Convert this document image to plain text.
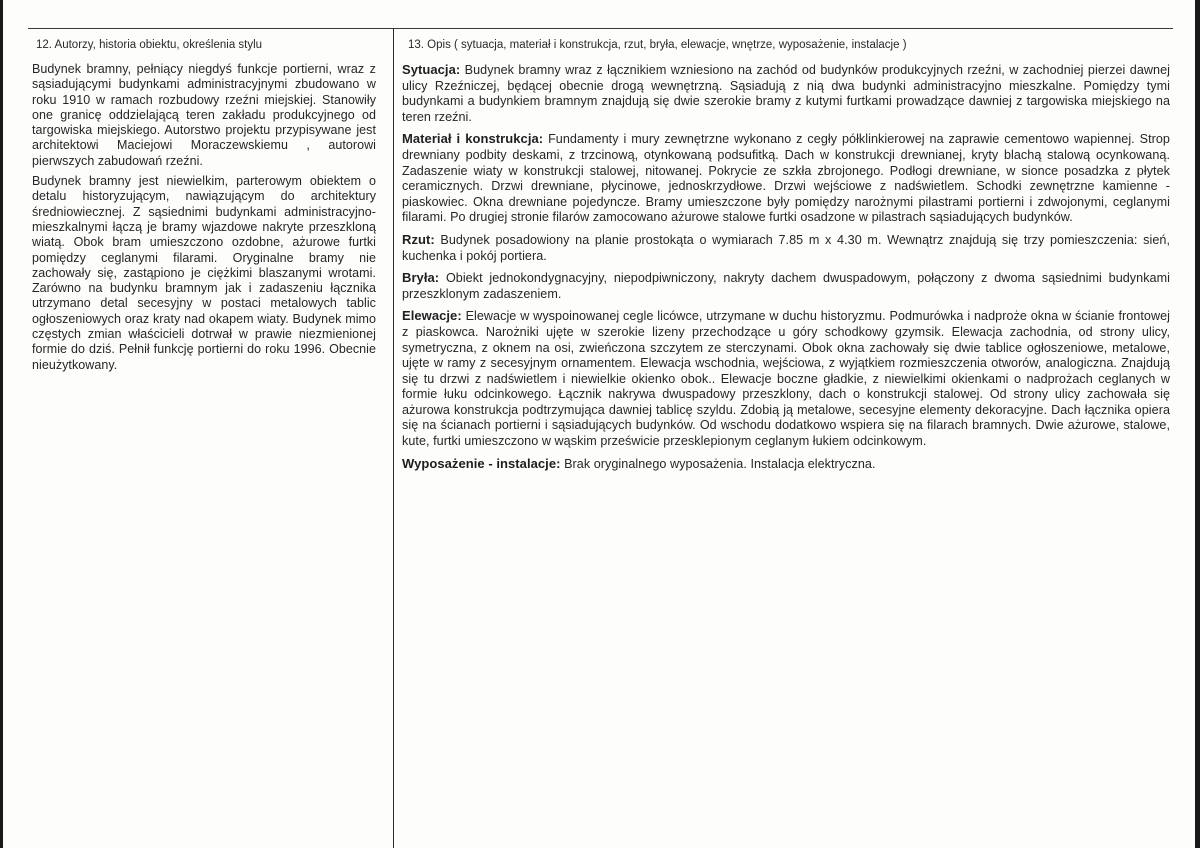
12. Autorzy, historia obiektu, określenia stylu

Budynek bramny, pełniący niegdyś funkcje portierni, wraz z sąsiadującymi budynkami administracyjnymi zbudowano w roku 1910 w ramach rozbudowy rzeźni miejskiej. Stanowiły one granicę oddzielającą teren zakładu produkcyjnego od targowiska miejskiego. Autorstwo projektu przypisywane jest architektowi Maciejowi Moraczewskiemu , autorowi pierwszych zabudowań rzeźni.

Budynek bramny jest niewielkim, parterowym obiektem o detalu historyzującym, nawiązującym do architektury średniowiecznej. Z sąsiednimi budynkami administracyjno- mieszkalnymi łączą je bramy wjazdowe nakryte przeszkloną wiatą. Obok bram umieszczono ozdobne, ażurowe furtki pomiędzy ceglanymi filarami. Oryginalne bramy nie zachowały się, zastąpiono je ciężkimi blaszanymi wrotami. Zarówno na budynku bramnym jak i zadaszeniu łącznika utrzymano detal secesyjny w postaci metalowych tablic ogłoszeniowych oraz kraty nad okapem wiaty. Budynek mimo częstych zmian właścicieli dotrwał w prawie niezmienionej formie do dziś. Pełnił funkcję portierni do roku 1996. Obecnie nieużytkowany.

13. Opis ( sytuacja, materiał i konstrukcja, rzut, bryła, elewacje, wnętrze, wyposażenie, instalacje )

Sytuacja: Budynek bramny wraz z łącznikiem wzniesiono na zachód od budynków produkcyjnych rzeźni, w zachodniej pierzei dawnej ulicy Rzeźniczej, będącej obecnie drogą wewnętrzną. Sąsiadują z nią dwa budynki administracyjno mieszkalne. Pomiędzy tymi budynkami a budynkiem bramnym znajdują się dwie szerokie bramy z kutymi furtkami prowadzące dawniej z targowiska miejskiego na teren rzeźni.

Materiał i konstrukcja: Fundamenty i mury zewnętrzne wykonano z cegły półklinkierowej na zaprawie cementowo wapiennej. Strop drewniany podbity deskami, z trzcinową, otynkowaną podsufitką. Dach w konstrukcji drewnianej, kryty blachą stalową ocynkowaną. Zadaszenie wiaty w konstrukcji stalowej, nitowanej. Pokrycie ze szkła zbrojonego. Podłogi drewniane, w sionce posadzka z płytek ceramicznych. Drzwi drewniane, płycinowe, jednoskrzydłowe. Drzwi wejściowe z nadświetlem. Schodki zewnętrzne kamienne - piaskowiec. Okna drewniane pojedyncze. Bramy umieszczone były pomiędzy narożnymi pilastrami portierni i zdwojonymi, ceglanymi filarami. Po drugiej stronie filarów zamocowano ażurowe stalowe furtki osadzone w pilastrach sąsiadujących budynków.

Rzut: Budynek posadowiony na planie prostokąta o wymiarach 7.85 m x 4.30 m. Wewnątrz znajdują się trzy pomieszczenia: sień, kuchenka i pokój portiera.

Bryła: Obiekt jednokondygnacyjny, niepodpiwniczony, nakryty dachem dwuspadowym, połączony z dwoma sąsiednimi budynkami przeszklonym zadaszeniem.

Elewacje: Elewacje w wyspoinowanej cegle licówce, utrzymane w duchu historyzmu. Podmurówka i nadproże okna w ścianie frontowej z piaskowca. Narożniki ujęte w szerokie lizeny przechodzące u góry schodkowy gzymsik. Elewacja zachodnia, od strony ulicy, symetryczna, z oknem na osi, zwieńczona szczytem ze sterczynami. Obok okna zachowały się dwie tablice ogłoszeniowe, metalowe, ujęte w ramy z secesyjnym ornamentem. Elewacja wschodnia, wejściowa, z wyjątkiem rozmieszczenia otworów, analogiczna. Znajdują się tu drzwi z nadświetlem i niewielkie okienko obok.. Elewacje boczne gładkie, z niewielkimi okienkami o nadprożach ceglanych w formie łuku odcinkowego. Łącznik nakrywa dwuspadowy przeszklony, dach o konstrukcji stalowej. Od strony ulicy zachowała się ażurowa konstrukcja podtrzymująca dawniej tablicę szyldu. Zdobią ją metalowe, secesyjne elementy dekoracyjne. Dach łącznika opiera się na ścianach portierni i sąsiadujących budynków. Od wschodu dodatkowo wspiera się na filarach bramnych. Dwie ażurowe, stalowe, kute, furtki umieszczono w wąskim prześwicie przesklepionym ceglanym łukiem odcinkowym.

Wyposażenie - instalacje: Brak oryginalnego wyposażenia. Instalacja elektryczna.
